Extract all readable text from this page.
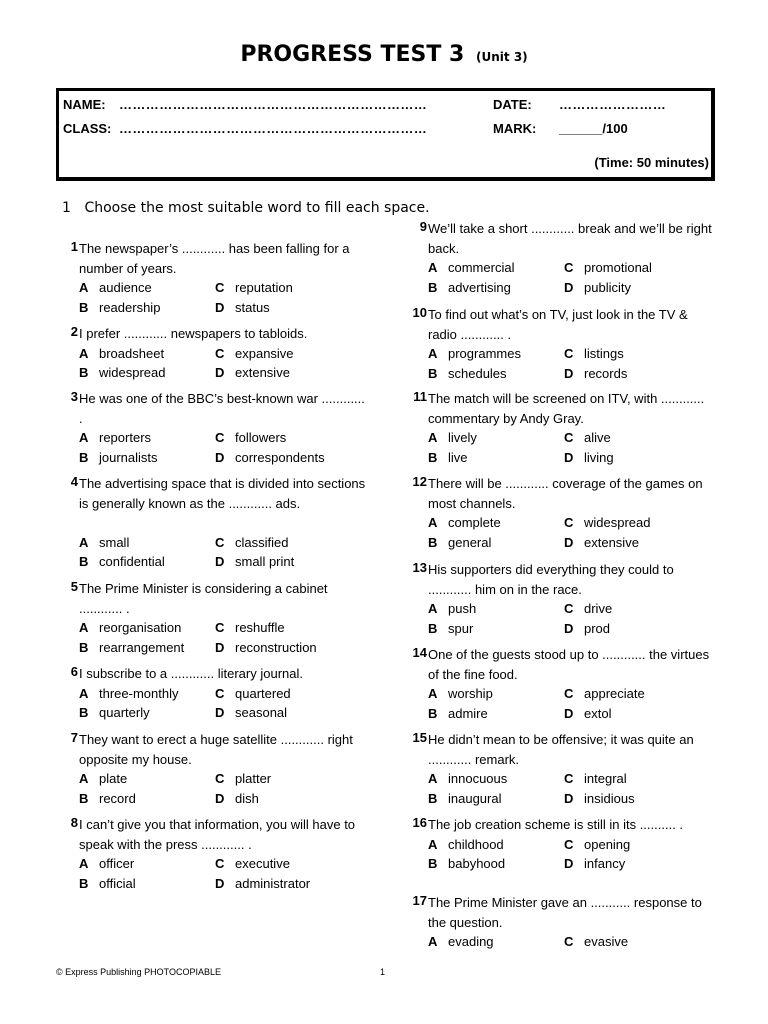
PROGRESS TEST 3 (Unit 3)
NAME: ……………………………………………………………	DATE: ……………………
CLASS: ……………………………………………………………	MARK: ______/100
(Time: 50 minutes)
1 Choose the most suitable word to fill each space.
1 The newspaper’s ............ has been falling for a number of years.
A audience	C reputation
B readership	D status
2 I prefer ............ newspapers to tabloids.
A broadsheet	C expansive
B widespread	D extensive
3 He was one of the BBC’s best-known war ............ .
A reporters	C followers
B journalists	D correspondents
4 The advertising space that is divided into sections is generally known as the ............ ads.
A small	C classified
B confidential	D small print
5 The Prime Minister is considering a cabinet ............ .
A reorganisation	C reshuffle
B rearrangement D reconstruction
6 I subscribe to a ............ literary journal.
A three-monthly	C quartered
B quarterly	D seasonal
7 They want to erect a huge satellite ............ right opposite my house.
A plate	C platter
B record	D dish
8 I can’t give you that information, you will have to speak with the press ............ .
A officer	C executive
B official	D administrator
9 We’ll take a short ............ break and we’ll be right back.
A commercial	C promotional
B advertising	D publicity
10 To find out what’s on TV, just look in the TV & radio ............ .
A programmes	C listings
B schedules	D records
11 The match will be screened on ITV, with ............ commentary by Andy Gray.
A lively	C alive
B live	D living
12 There will be ............ coverage of the games on most channels.
A complete	C widespread
B general	D extensive
13 His supporters did everything they could to ............ him on in the race.
A push	C drive
B spur	D prod
14 One of the guests stood up to ............ the virtues of the fine food.
A worship	C appreciate
B admire	D extol
15 He didn’t mean to be offensive; it was quite an ............ remark.
A innocuous	C integral
B inaugural	D insidious
16 The job creation scheme is still in its .......... .
A childhood	C opening
B babyhood	D infancy
17 The Prime Minister gave an ........... response to the question.
A evading	C evasive
© Express Publishing PHOTOCOPIABLE	1
